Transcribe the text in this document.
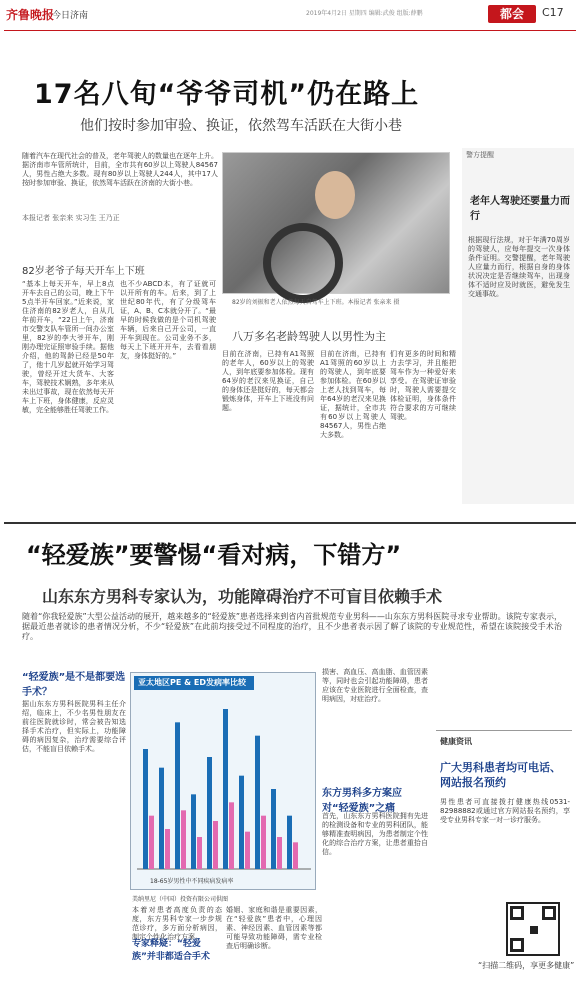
齐鲁晚报
今日济南	2019年4月2日 星期四 编辑:武俊 组版:薛鹏	都会	C17
17名八旬“爷爷司机”仍在路上
他们按时参加审验、换证，依然驾车活跃在大街小巷
随着汽车在现代社会的普及，老年驾驶人的数量也在逐年上升。据济南市车管所统计，目前，全市共有60岁以上驾驶人84567人，男性占绝大多数。现有80岁以上驾驶人244人，其中17人按时参加审验、换证，依然驾车活跃在济南的大街小巷。
本报记者 张亲来 实习生 王乃正
82岁老爷子每天开车上下班
“基本上每天开车，早上8点开车去自己的公司，晚上下午5点半开车回家。”近来说，家住济南的82岁老人，自从几年前开车，“22日上午，济南市交警支队车管所一间办公室里，82岁的李大爷开车，刚刚办理完证照审验手续。据他介绍，他的驾龄已经是50年了，他十几岁起就开始学习驾驶，曾经开过大货车、大客车，驾驶技术娴熟，多年来从未出过事故，现在依然每天开车上下班，身体健康，反应灵敏，完全能够胜任驾驶工作。
也不少ABCD本，有了证就可以开所有的车。后来，到了上世纪80年代，有了分级驾车证，A、B、C本就分开了。“最早的时候我做的是个司机驾驶车辆，后来自己开公司，一直开车到现在。公司业务不多，每天上下班开开车，去看看朋友，身体挺好的。”
82岁的刘振和老人依然每天自驾车上下班。本报记者 张亲来 摄
八万多名老龄驾驶人以男性为主
目前在济南，已持有A1驾照的老年人，60岁以上的驾驶人，到年底要参加体检。现有64岁的老汉来见换证，自己的身体还是挺好的，每天都会锻炼身体，开车上下班没有问题。
目前在济南，已持有A1驾照的60岁以上的驾驶人，到年底要参加体检。在60岁以上老人找到驾车，每年64岁的老汉来见换证，据统计，全市共有60岁以上驾驶人84567人，男性占绝大多数。
们有更多的时间和精力去学习，并且能把驾车作为一种爱好来享受。在驾驶证审验时，驾驶人需要提交体检证明，身体条件符合要求的方可继续驾驶。
警方提醒
老年人驾驶还要量力而行
根据现行法规，对于年满70周岁的驾驶人，应每年提交一次身体条件证明。交警提醒，老年驾驶人应量力而行，根据自身的身体状况决定是否继续驾车，出现身体不适时应及时就医，避免发生交通事故。
“轻爱族”要警惕“看对病，下错方”
山东东方男科专家认为，功能障碍治疗不可盲目依赖手术
随着“你我轻爱族”大型公益活动的展开，越来越多的“轻爱族”患者选择来到省内首批规范专业男科——山东东方男科医院寻求专业帮助。该院专家表示，据最近患者就诊的患者情况分析，不少“轻爱族”在此前均接受过不同程度的治疗，且不少患者表示因了解了该院的专业规范性，希望在该院接受手术治疗。
“轻爱族”是不是都要选手术？
据山东东方男科医院男科主任介绍，临床上，不少名男性朋友在前往医院就诊时，常会被告知选择手术治疗，但实际上，功能障碍的病因复杂，治疗需要综合评估，不能盲目依赖手术。
亚太地区PE & ED发病率比较
18-65岁男性中不同疾病发病率
美纳里尼（中国）投资有限公司供图
本着对患者高度负责的态度，东方男科专家一步步规范诊疗，多方面分析病因，制定个性化治疗方案。
专家释疑：“轻爱族”并非都适合手术
婚姻、家庭和谐是重要因素，在“轻爱族”患者中，心理因素、神经因素、血管因素等都可能导致功能障碍，需专业检查后明确诊断。
损害、高血压、高血脂、血管因素等，同时也会引起功能障碍，患者应该在专业医院进行全面检查，查明病因，对症治疗。
东方男科多方案应对“轻爱族”之痛
首先，山东东方男科医院拥有先进的检测设备和专业的男科团队，能够精准查明病因，为患者制定个性化的综合治疗方案，让患者重拾自信。
健康资讯
广大男科患者均可电话、网站报名预约
男性患者可直接拨打健康热线0531-82988882或通过官方网站报名预约，享受专业男科专家一对一诊疗服务。
“扫描二维码，享更多健康”
